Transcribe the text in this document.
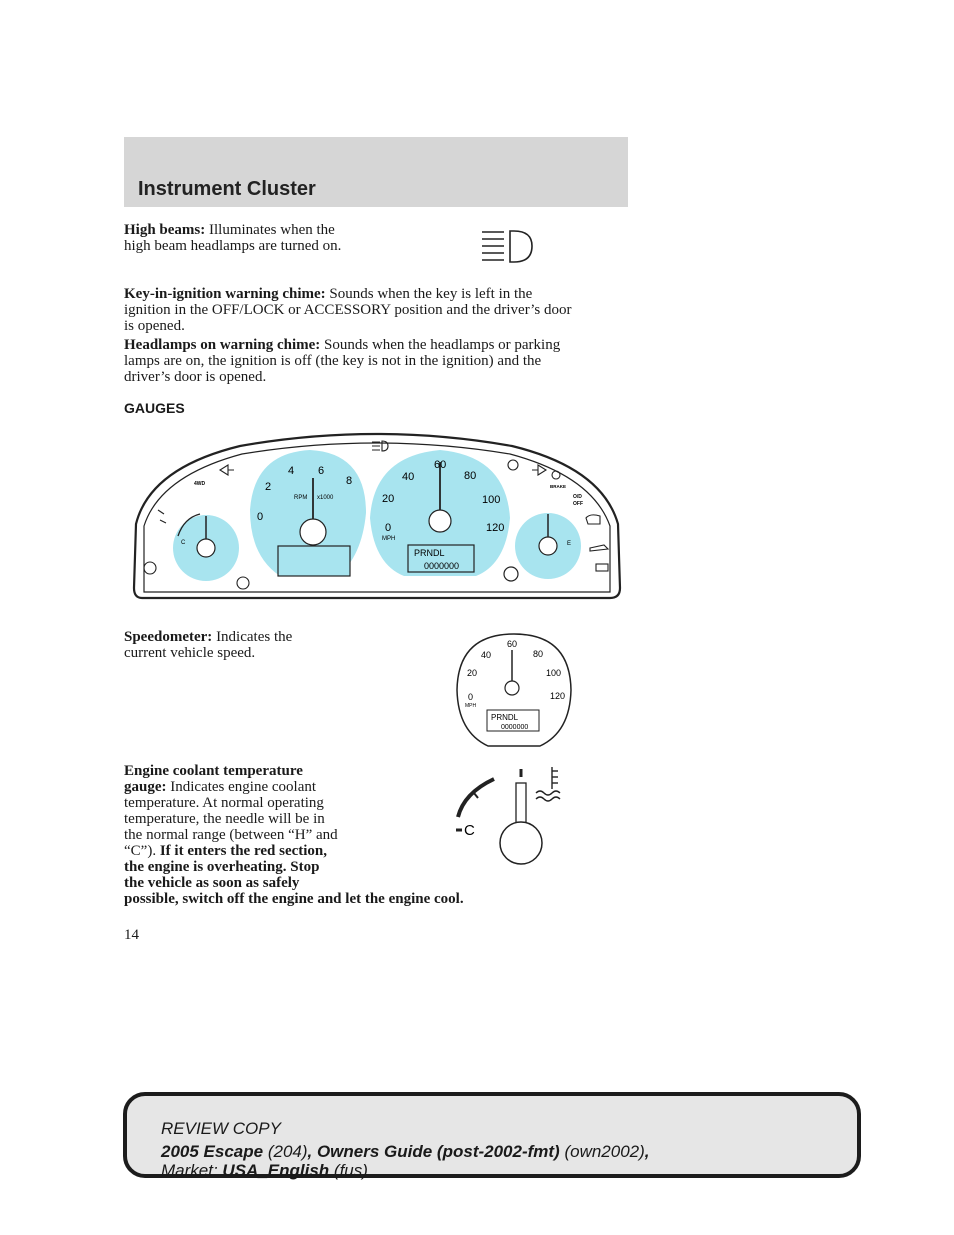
Instrument Cluster
High beams: Illuminates when the
high beam headlamps are turned on.
Key-in-ignition warning chime: Sounds when the key is left in the
ignition in the OFF/LOCK or ACCESSORY position and the driver’s door
is opened.
Headlamps on warning chime: Sounds when the headlamps or parking
lamps are on, the ignition is off (the key is not in the ignition) and the
driver’s door is opened.
GAUGES
C
0
2
4 6
8
RPM x1000
PRNDL
0000000
0
20
40
60
80
100
120
MPH
E
4WD	BRAKE
O/D
OFF
Speedometer: Indicates the
current vehicle speed.
PRNDL
0000000
0
20
40
60
80
100
120
MPH
Engine coolant temperature
gauge: Indicates engine coolant
temperature. At normal operating
temperature, the needle will be in
the normal range (between “H” and
“C”). If it enters the red section,
the engine is overheating. Stop
the vehicle as soon as safely
possible, switch off the engine and let the engine cool.
C
14
REVIEW COPY
2005 Escape (204), Owners Guide (post-2002-fmt) (own2002),
Market: USA_English (fus)
